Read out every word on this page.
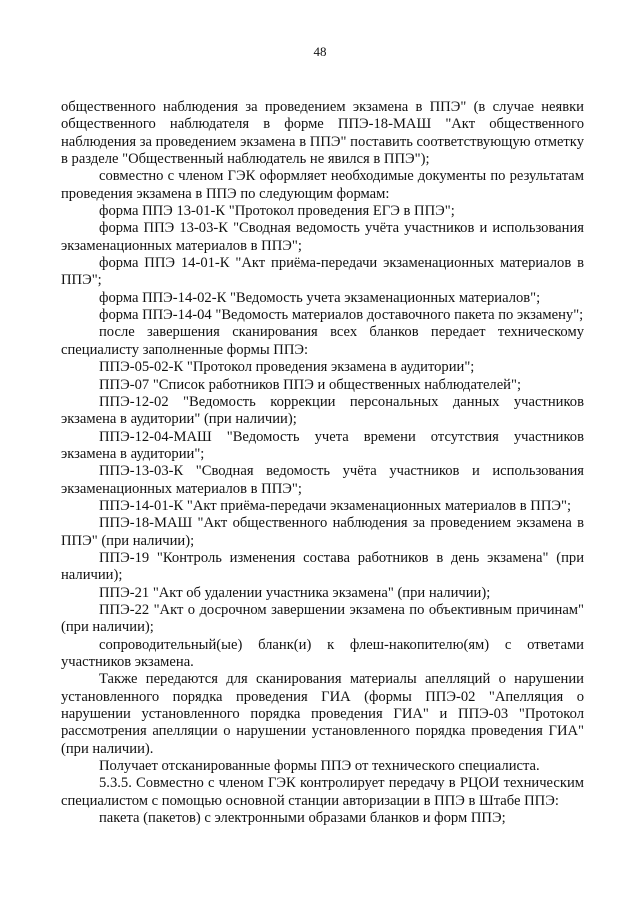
48

общественного наблюдения за проведением экзамена в ППЭ" (в случае неявки общественного наблюдателя в форме ППЭ-18-МАШ "Акт общественного наблюдения за проведением экзамена в ППЭ" поставить соответствующую отметку в разделе "Общественный наблюдатель не явился в ППЭ");

совместно с членом ГЭК оформляет необходимые документы по результатам проведения экзамена в ППЭ по следующим формам:

форма ППЭ 13-01-К "Протокол проведения ЕГЭ в ППЭ";

форма ППЭ 13-03-К "Сводная ведомость учёта участников и использования экзаменационных материалов в ППЭ";

форма ППЭ 14-01-К "Акт приёма-передачи экзаменационных материалов в ППЭ";

форма ППЭ-14-02-К "Ведомость учета экзаменационных материалов";

форма ППЭ-14-04 "Ведомость материалов доставочного пакета по экзамену";

после завершения сканирования всех бланков передает техническому специалисту заполненные формы ППЭ:

ППЭ-05-02-К "Протокол проведения экзамена в аудитории";

ППЭ-07 "Список работников ППЭ и общественных наблюдателей";

ППЭ-12-02 "Ведомость коррекции персональных данных участников экзамена в аудитории" (при наличии);

ППЭ-12-04-МАШ "Ведомость учета времени отсутствия участников экзамена в аудитории";

ППЭ-13-03-К "Сводная ведомость учёта участников и использования экзаменационных материалов в ППЭ";

ППЭ-14-01-К "Акт приёма-передачи экзаменационных материалов в ППЭ";

ППЭ-18-МАШ "Акт общественного наблюдения за проведением экзамена в ППЭ" (при наличии);

ППЭ-19 "Контроль изменения состава работников в день экзамена" (при наличии);

ППЭ-21 "Акт об удалении участника экзамена" (при наличии);

ППЭ-22 "Акт о досрочном завершении экзамена по объективным причинам" (при наличии);

сопроводительный(ые) бланк(и) к флеш-накопителю(ям) с ответами участников экзамена.

Также передаются для сканирования материалы апелляций о нарушении установленного порядка проведения ГИА (формы ППЭ-02 "Апелляция о нарушении установленного порядка проведения ГИА" и ППЭ-03 "Протокол рассмотрения апелляции о нарушении установленного порядка проведения ГИА" (при наличии).

Получает отсканированные формы ППЭ от технического специалиста.

5.3.5. Совместно с членом ГЭК контролирует передачу в РЦОИ техническим специалистом с помощью основной станции авторизации в ППЭ в Штабе ППЭ:

пакета (пакетов) с электронными образами бланков и форм ППЭ;
